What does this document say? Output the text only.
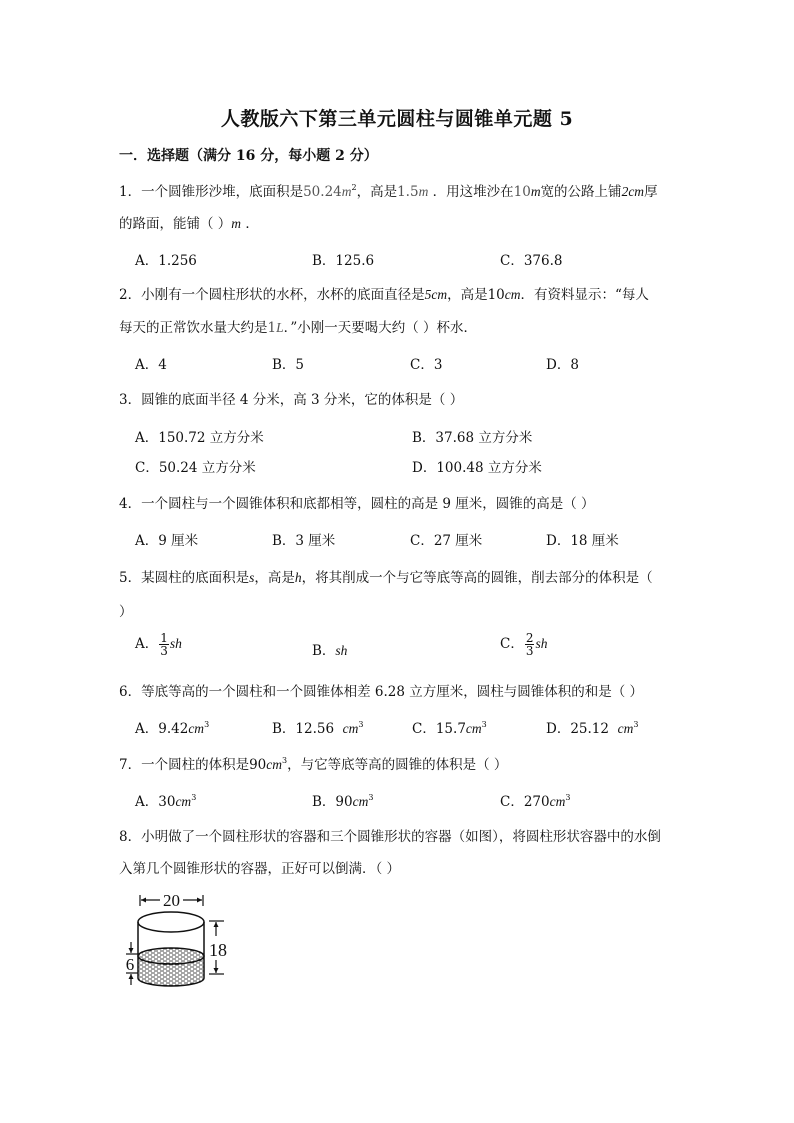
人教版六下第三单元圆柱与圆锥单元题 5
一．选择题（满分 16 分，每小题 2 分）
1．一个圆锥形沙堆，底面积是$50.24m^2$，高是1.5m ．用这堆沙在10m宽的公路上铺2cm厚
的路面，能铺（ ）m ．
A．1.256	B．125.6	C．376.8
2．小刚有一个圆柱形状的水杯，水杯的底面直径是5cm，高是10cm．有资料显示：“每人
每天的正常饮水量大约是1L．”小刚一天要喝大约（ ）杯水．
A．4	B．5	C．3	D．8
3．圆锥的底面半径 4 分米，高 3 分米，它的体积是（ ）
A．150.72 立方分米	B．37.68 立方分米
C．50.24 立方分米	D．100.48 立方分米
4．一个圆柱与一个圆锥体积和底都相等，圆柱的高是 9 厘米，圆锥的高是（ ）
A．9 厘米	B．3 厘米	C．27 厘米	D．18 厘米
5．某圆柱的底面积是s，高是h，将其削成一个与它等底等高的圆锥，削去部分的体积是（
）
A． $\frac{1}{3}$ sh	B．sh	C． $\frac{2}{3}$ sh
6．等底等高的一个圆柱和一个圆锥体相差 6.28 立方厘米，圆柱与圆锥体积的和是（ ）
A．$9.42cm^3$	B．12.56  $cm^3$	C．$15.7cm^3$	D．25.12  $cm^3$
7．一个圆柱的体积是$90cm^3$，与它等底等高的圆锥的体积是（ ）
A．$30cm^3$	B．$90cm^3$	C．$270cm^3$
8．小明做了一个圆柱形状的容器和三个圆锥形状的容器（如图），将圆柱形状容器中的水倒
入第几个圆锥形状的容器，正好可以倒满．（ ）
20
18
6
